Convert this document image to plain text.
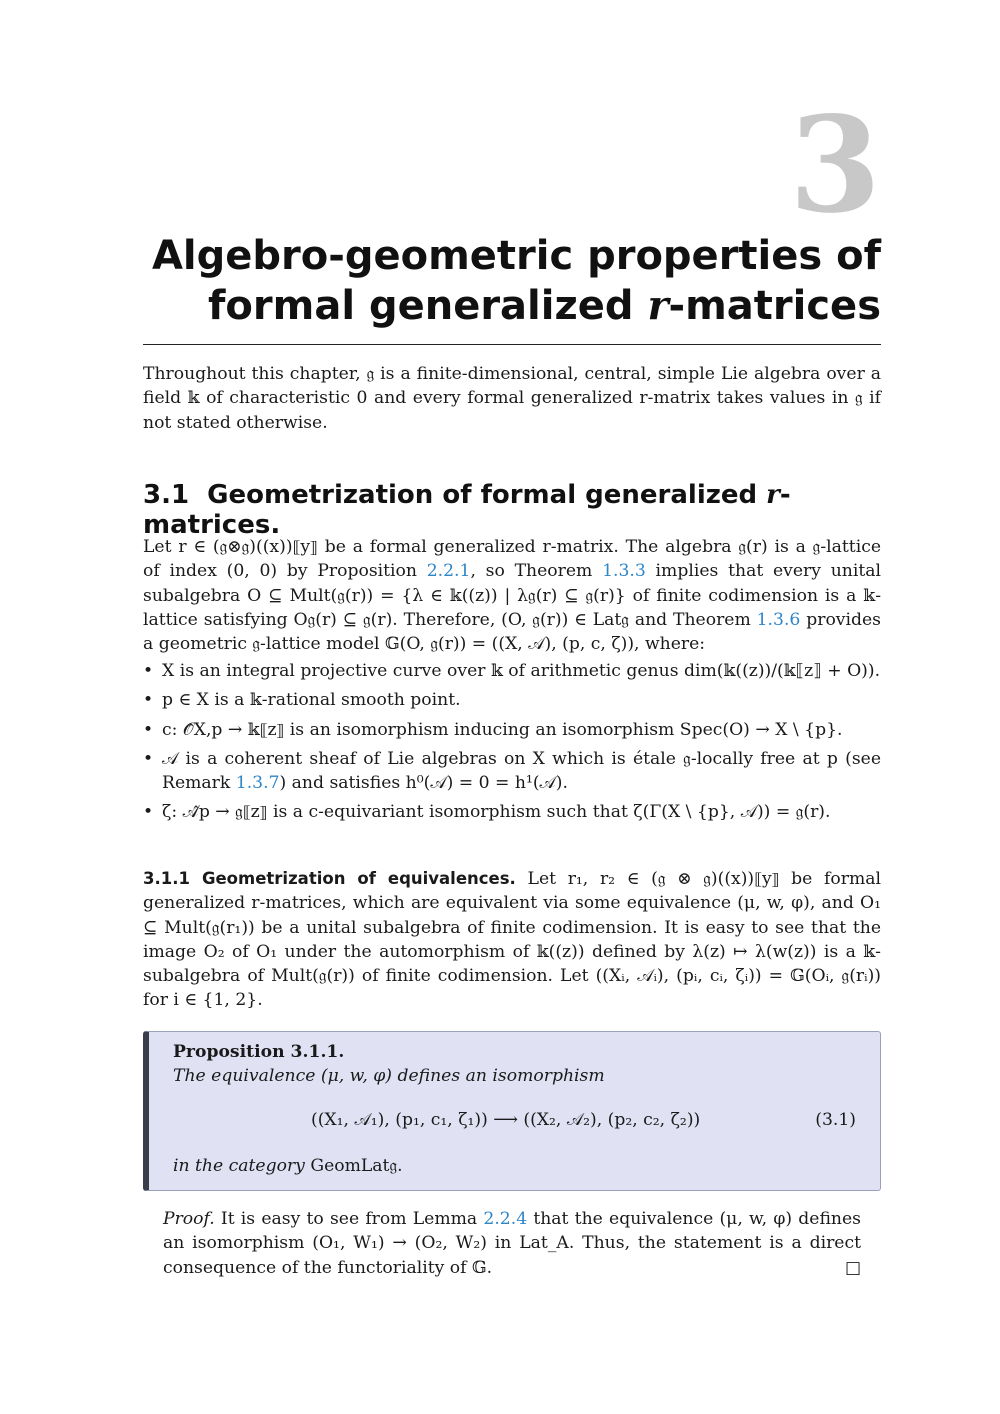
3
Algebro-geometric properties of
formal generalized r-matrices
Throughout this chapter, 𝔤 is a finite-dimensional, central, simple Lie algebra over a field 𝕜 of characteristic 0 and every formal generalized r-matrix takes values in 𝔤 if not stated otherwise.
3.1 Geometrization of formal generalized r-matrices.
Let r ∈ (𝔤⊗𝔤)((x))⟦y⟧ be a formal generalized r-matrix. The algebra 𝔤(r) is a 𝔤-lattice of index (0, 0) by Proposition 2.2.1, so Theorem 1.3.3 implies that every unital subalgebra O ⊆ Mult(𝔤(r)) = {λ ∈ 𝕜((z)) | λ𝔤(r) ⊆ 𝔤(r)} of finite codimension is a 𝕜-lattice satisfying O𝔤(r) ⊆ 𝔤(r). Therefore, (O, 𝔤(r)) ∈ Lat𝔤 and Theorem 1.3.6 provides a geometric 𝔤-lattice model 𝔾(O, 𝔤(r)) = ((X, 𝒜), (p, c, ζ)), where:
• X is an integral projective curve over 𝕜 of arithmetic genus dim(𝕜((z))/(𝕜⟦z⟧ + O)).
• p ∈ X is a 𝕜-rational smooth point.
• c: 𝒪̂X,p → 𝕜⟦z⟧ is an isomorphism inducing an isomorphism Spec(O) → X \ {p}.
• 𝒜 is a coherent sheaf of Lie algebras on X which is étale 𝔤-locally free at p (see Remark 1.3.7) and satisfies h⁰(𝒜) = 0 = h¹(𝒜).
• ζ: 𝒜̂p → 𝔤⟦z⟧ is a c-equivariant isomorphism such that ζ(Γ(X \ {p}, 𝒜)) = 𝔤(r).
3.1.1 Geometrization of equivalences. Let r₁, r₂ ∈ (𝔤 ⊗ 𝔤)((x))⟦y⟧ be formal generalized r-matrices, which are equivalent via some equivalence (μ, w, φ), and O₁ ⊆ Mult(𝔤(r₁)) be a unital subalgebra of finite codimension. It is easy to see that the image O₂ of O₁ under the automorphism of 𝕜((z)) defined by λ(z) ↦ λ(w(z)) is a 𝕜-subalgebra of Mult(𝔤(r)) of finite codimension. Let ((Xᵢ, 𝒜ᵢ), (pᵢ, cᵢ, ζᵢ)) = 𝔾(Oᵢ, 𝔤(rᵢ)) for i ∈ {1, 2}.
Proposition 3.1.1.
The equivalence (μ, w, φ) defines an isomorphism
((X₁, 𝒜₁), (p₁, c₁, ζ₁)) ⟶ ((X₂, 𝒜₂), (p₂, c₂, ζ₂))	(3.1)
in the category GeomLat𝔤.
Proof. It is easy to see from Lemma 2.2.4 that the equivalence (μ, w, φ) defines an isomorphism (O₁, W₁) → (O₂, W₂) in Lat_A. Thus, the statement is a direct consequence of the functoriality of 𝔾.	□
